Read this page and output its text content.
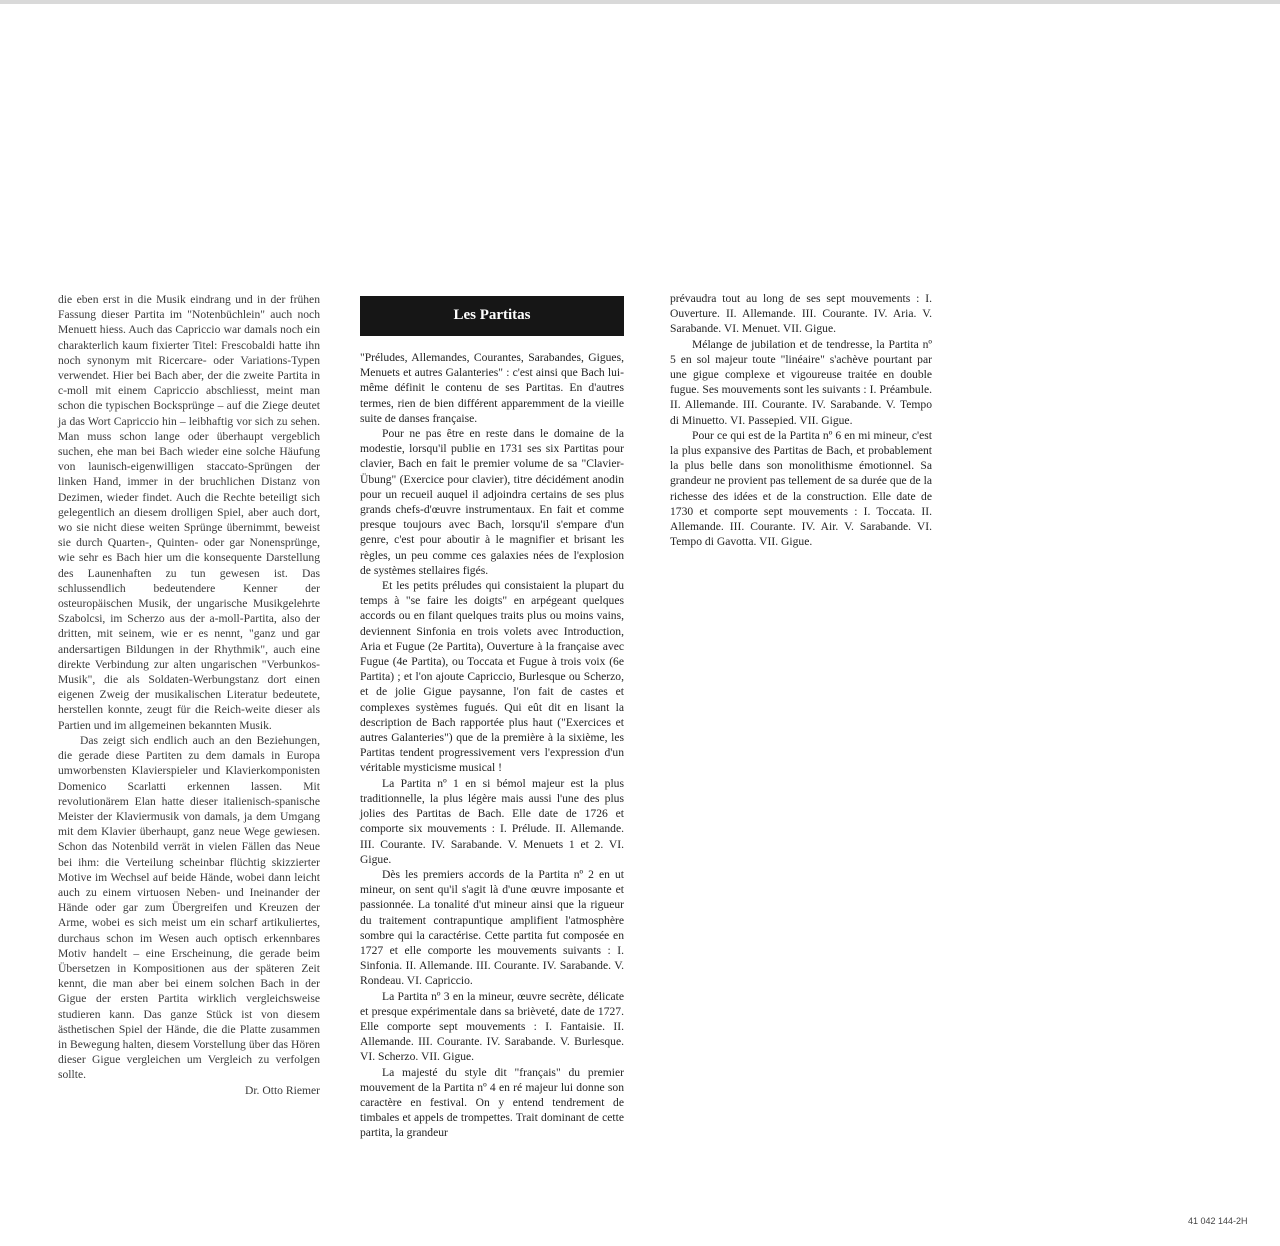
die eben erst in die Musik eindrang und in der frühen Fassung dieser Partita im "Notenbüchlein" auch noch Menuett hiess. Auch das Capriccio war damals noch ein charakterlich kaum fixierter Titel: Frescobaldi hatte ihn noch synonym mit Ricercare- oder Variations-Typen verwendet. Hier bei Bach aber, der die zweite Partita in c-moll mit einem Capriccio abschliesst, meint man schon die typischen Bocksprünge – auf die Ziege deutet ja das Wort Capriccio hin – leibhaftig vor sich zu sehen. Man muss schon lange oder überhaupt vergeblich suchen, ehe man bei Bach wieder eine solche Häufung von launisch-eigenwilligen staccato-Sprüngen der linken Hand, immer in der bruchlichen Distanz von Dezimen, wieder findet. Auch die Rechte beteiligt sich gelegentlich an diesem drolligen Spiel, aber auch dort, wo sie nicht diese weiten Sprünge übernimmt, beweist sie durch Quarten-, Quinten- oder gar Nonensprünge, wie sehr es Bach hier um die konsequente Darstellung des Launenhaften zu tun gewesen ist. Das schlussendlich bedeutendere Kenner der osteuropäischen Musik, der ungarische Musikgelehrte Szabolcsi, im Scherzo aus der a-moll-Partita, also der dritten, mit seinem, wie er es nennt, "ganz und gar andersartigen Bildungen in der Rhythmik", auch eine direkte Verbindung zur alten ungarischen "Verbunkos-Musik", die als Soldaten-Werbungstanz dort einen eigenen Zweig der musikalischen Literatur bedeutete, herstellen konnte, zeugt für die Reich-weite dieser als Partien und im allgemeinen bekannten Musik.

Das zeigt sich endlich auch an den Beziehungen, die gerade diese Partiten zu dem damals in Europa umworbensten Klavierspieler und Klavierkomponisten Domenico Scarlatti erkennen lassen. Mit revolutionärem Elan hatte dieser italienisch-spanische Meister der Klaviermusik von damals, ja dem Umgang mit dem Klavier überhaupt, ganz neue Wege gewiesen. Schon das Notenbild verrät in vielen Fällen das Neue bei ihm: die Verteilung scheinbar flüchtig skizzierter Motive im Wechsel auf beide Hände, wobei dann leicht auch zu einem virtuosen Neben- und Ineinander der Hände oder gar zum Übergreifen und Kreuzen der Arme, wobei es sich meist um ein scharf artikuliertes, durchaus schon im Wesen auch optisch erkennbares Motiv handelt – eine Erscheinung, die gerade beim Übersetzen in Kompositionen aus der späteren Zeit kennt, die man aber bei einem solchen Bach in der Gigue der ersten Partita wirklich vergleichsweise studieren kann. Das ganze Stück ist von diesem ästhetischen Spiel der Hände, die die Platte zusammen in Bewegung halten, diesem Vorstellung über das Hören dieser Gigue vergleichen um Vergleich zu verfolgen sollte.

Dr. Otto Riemer

Les Partitas

"Préludes, Allemandes, Courantes, Sarabandes, Gigues, Menuets et autres Galanteries" : c'est ainsi que Bach lui-même définit le contenu de ses Partitas. En d'autres termes, rien de bien différent apparemment de la vieille suite de danses française.

Pour ne pas être en reste dans le domaine de la modestie, lorsqu'il publie en 1731 ses six Partitas pour clavier, Bach en fait le premier volume de sa "Clavier-Übung" (Exercice pour clavier), titre décidément anodin pour un recueil auquel il adjoindra certains de ses plus grands chefs-d'œuvre instrumentaux. En fait et comme presque toujours avec Bach, lorsqu'il s'empare d'un genre, c'est pour aboutir à le magnifier et brisant les règles, un peu comme ces galaxies nées de l'explosion de systèmes stellaires figés.

Et les petits préludes qui consistaient la plupart du temps à "se faire les doigts" en arpégeant quelques accords ou en filant quelques traits plus ou moins vains, deviennent Sinfonia en trois volets avec Introduction, Aria et Fugue (2e Partita), Ouverture à la française avec Fugue (4e Partita), ou Toccata et Fugue à trois voix (6e Partita) ; et l'on ajoute Capriccio, Burlesque ou Scherzo, et de jolie Gigue paysanne, l'on fait de castes et complexes systèmes fugués. Qui eût dit en lisant la description de Bach rapportée plus haut ("Exercices et autres Galanteries") que de la première à la sixième, les Partitas tendent progressivement vers l'expression d'un véritable mysticisme musical !

La Partita nº 1 en si bémol majeur est la plus traditionnelle, la plus légère mais aussi l'une des plus jolies des Partitas de Bach. Elle date de 1726 et comporte six mouvements : I. Prélude. II. Allemande. III. Courante. IV. Sarabande. V. Menuets 1 et 2. VI. Gigue.

Dès les premiers accords de la Partita nº 2 en ut mineur, on sent qu'il s'agit là d'une œuvre imposante et passionnée. La tonalité d'ut mineur ainsi que la rigueur du traitement contrapuntique amplifient l'atmosphère sombre qui la caractérise. Cette partita fut composée en 1727 et elle comporte les mouvements suivants : I. Sinfonia. II. Allemande. III. Courante. IV. Sarabande. V. Rondeau. VI. Capriccio.

La Partita nº 3 en la mineur, œuvre secrète, délicate et presque expérimentale dans sa brièveté, date de 1727. Elle comporte sept mouvements : I. Fantaisie. II. Allemande. III. Courante. IV. Sarabande. V. Burlesque. VI. Scherzo. VII. Gigue.

La majesté du style dit "français" du premier mouvement de la Partita nº 4 en ré majeur lui donne son caractère en festival. On y entend tendrement de timbales et appels de trompettes. Trait dominant de cette partita, la grandeur

prévaudra tout au long de ses sept mouvements : I. Ouverture. II. Allemande. III. Courante. IV. Aria. V. Sarabande. VI. Menuet. VII. Gigue.

Mélange de jubilation et de tendresse, la Partita nº 5 en sol majeur toute "linéaire" s'achève pourtant par une gigue complexe et vigoureuse traitée en double fugue. Ses mouvements sont les suivants : I. Préambule. II. Allemande. III. Courante. IV. Sarabande. V. Tempo di Minuetto. VI. Passepied. VII. Gigue.

Pour ce qui est de la Partita nº 6 en mi mineur, c'est la plus expansive des Partitas de Bach, et probablement la plus belle dans son monolithisme émotionnel. Sa grandeur ne provient pas tellement de sa durée que de la richesse des idées et de la construction. Elle date de 1730 et comporte sept mouvements : I. Toccata. II. Allemande. III. Courante. IV. Air. V. Sarabande. VI. Tempo di Gavotta. VII. Gigue.

41 042 144-2H
